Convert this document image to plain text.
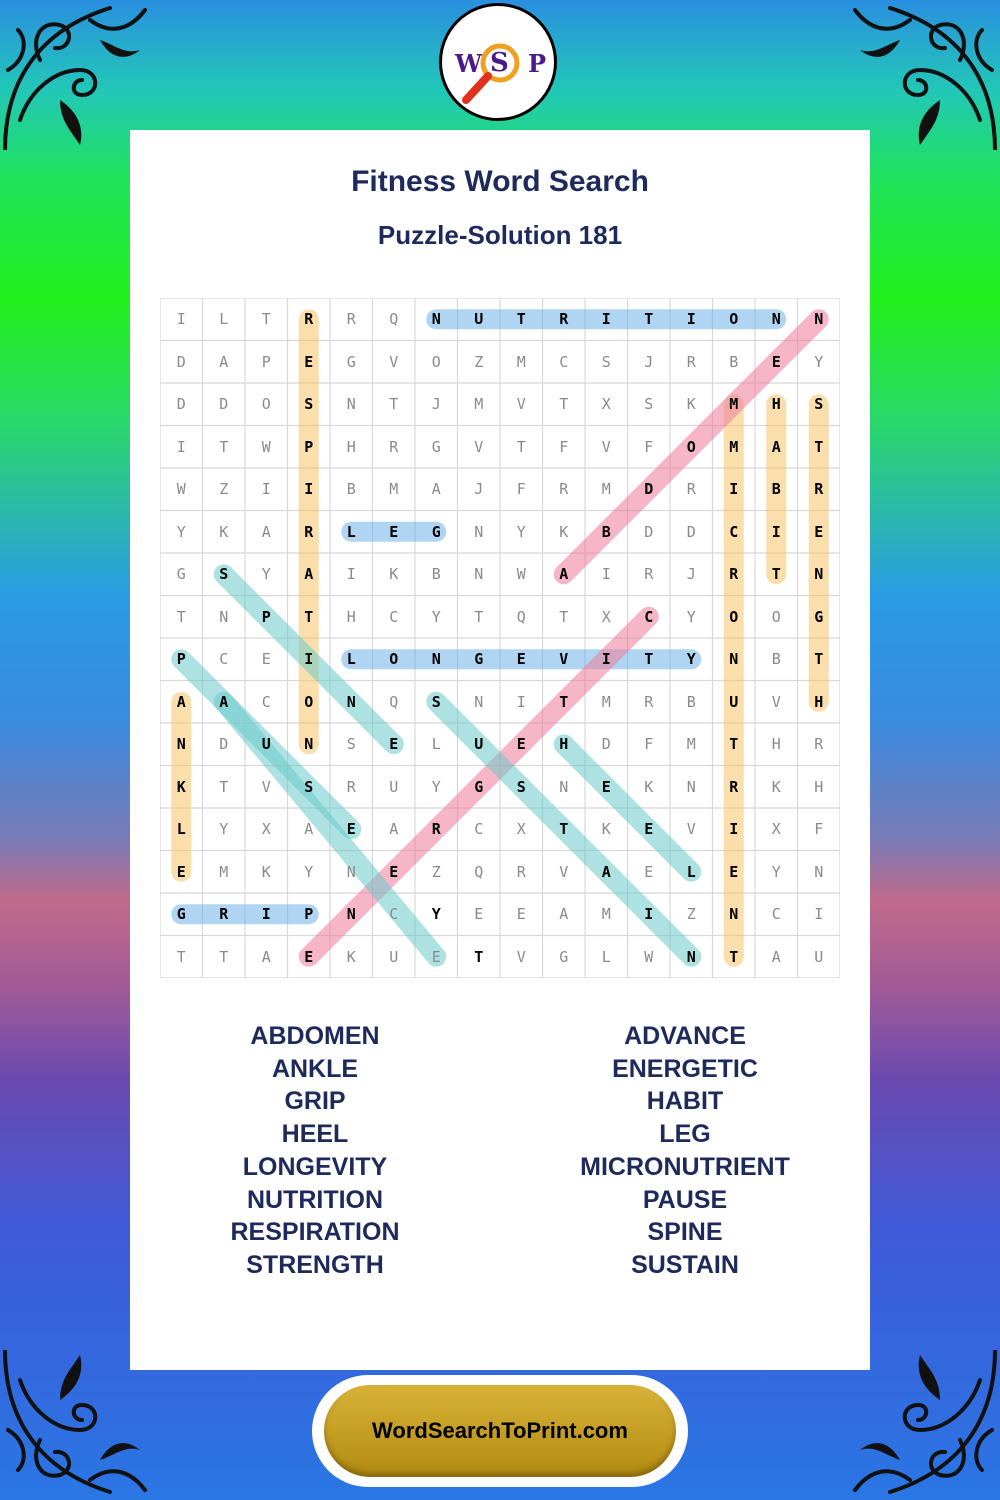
W S P
Fitness Word Search
Puzzle-Solution 181
I	L	T	R	R	Q	N	U	T	R	I	T	I	O	N	N
D	A	P	E	G	V	O	Z	M	C	S	J	R	B	E	Y
D	D	O	S	N	T	J	M	V	T	X	S	K	M	H	S
I	T	W	P	H	R	G	V	T	F	V	F	O	M	A	T
W	Z	I	I	B	M	A	J	F	R	M	D	R	I	B	R
Y	K	A	R	L	E	G	N	Y	K	B	D	D	C	I	E
G	S	Y	A	I	K	B	N	W	A	I	R	J	R	T	N
T	N	P	T	H	C	Y	T	Q	T	X	C	Y	O	O	G
P	C	E	I	L	O	N	G	E	V	I	T	Y	N	B	T
A	A	C	O	N	Q	S	N	I	T	M	R	B	U	V	H
N	D	U	N	S	E	L	U	E	H	D	F	M	T	H	R
K	T	V	S	R	U	Y	G	S	N	E	K	N	R	K	H
L	Y	X	A	E	A	R	C	X	T	K	E	V	I	X	F
E	M	K	Y	N	E	Z	Q	R	V	A	E	L	E	Y	N
G	R	I	P	N	C	Y	E	E	A	M	I	Z	N	C	I
T	T	A	E	K	U	E	T	V	G	L	W	N	T	A	U
ABDOMEN
ANKLE
GRIP
HEEL
LONGEVITY
NUTRITION
RESPIRATION
STRENGTH
ADVANCE
ENERGETIC
HABIT
LEG
MICRONUTRIENT
PAUSE
SPINE
SUSTAIN
WordSearchToPrint.com
